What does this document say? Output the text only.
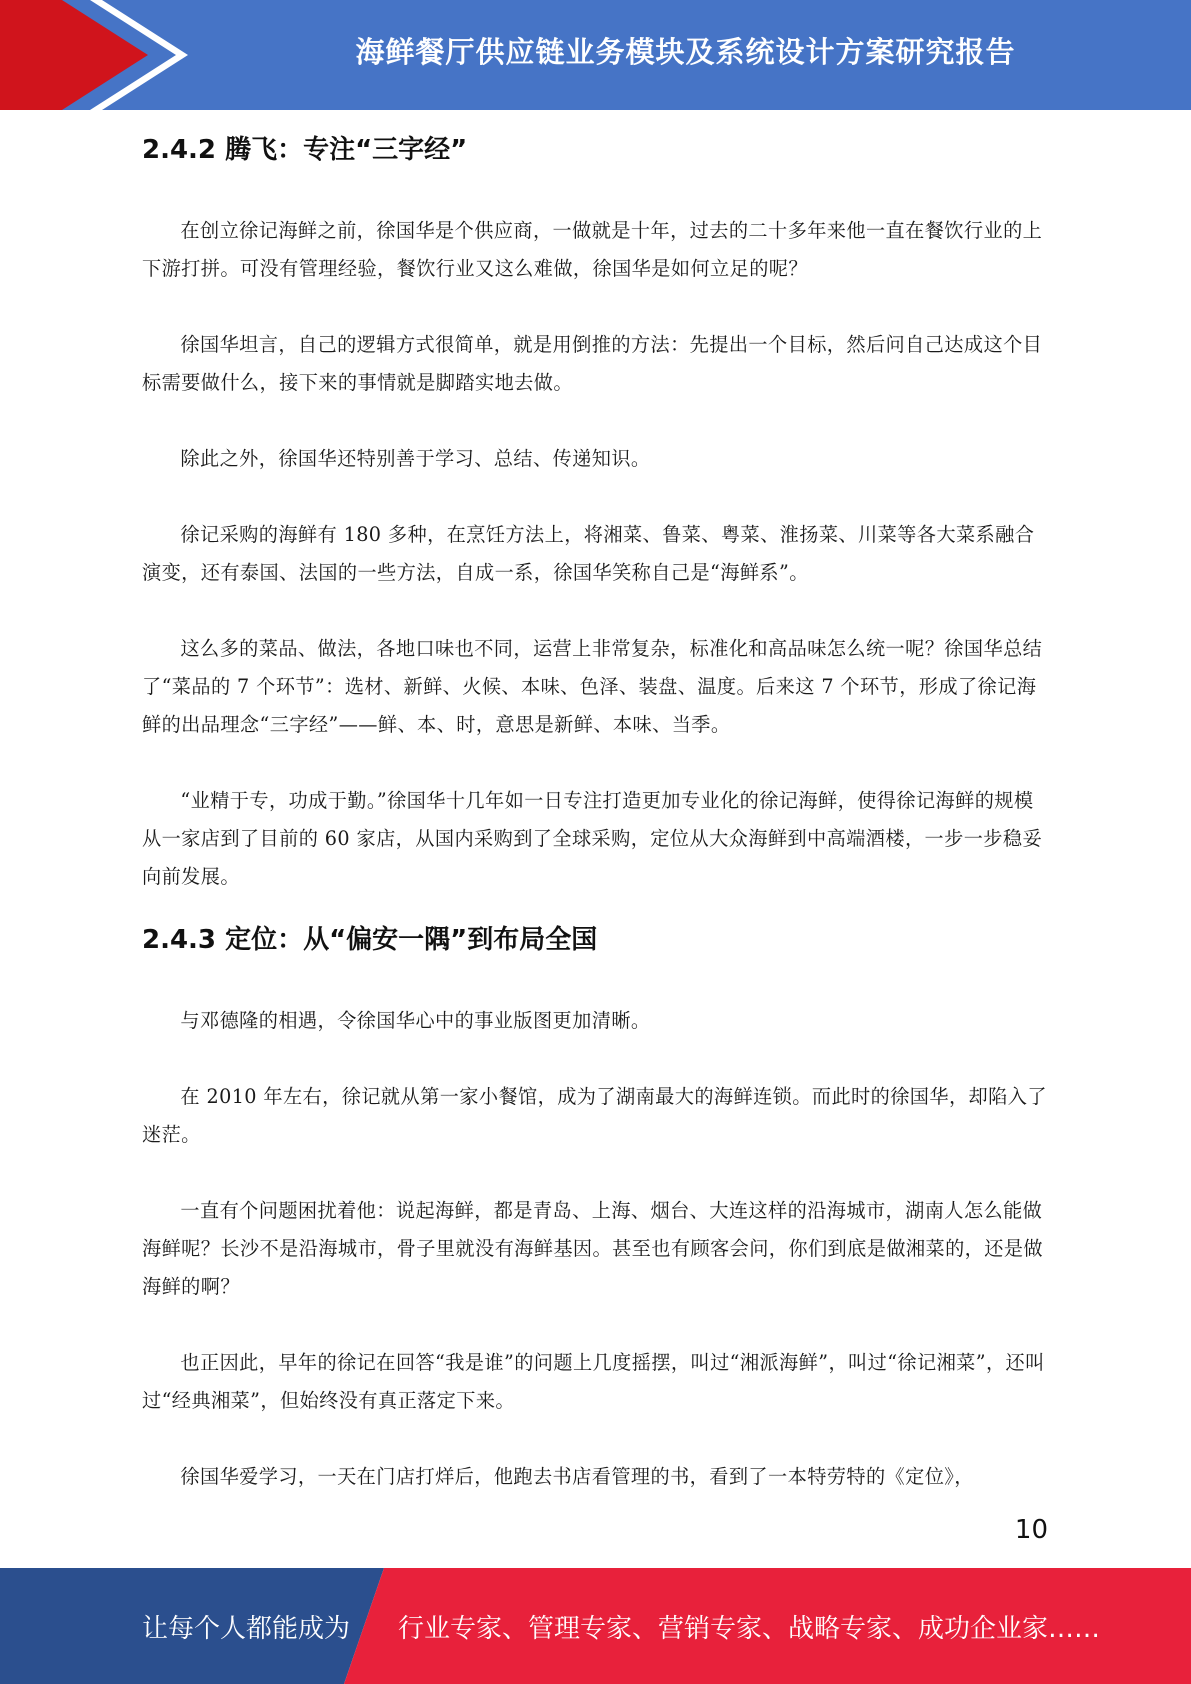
海鲜餐厅供应链业务模块及系统设计方案研究报告
2.4.2 腾飞：专注“三字经”

在创立徐记海鲜之前，徐国华是个供应商，一做就是十年，过去的二十多年来他一直在餐饮行业的上下游打拼。可没有管理经验，餐饮行业又这么难做，徐国华是如何立足的呢？

徐国华坦言，自己的逻辑方式很简单，就是用倒推的方法：先提出一个目标，然后问自己达成这个目标需要做什么，接下来的事情就是脚踏实地去做。

除此之外，徐国华还特别善于学习、总结、传递知识。

徐记采购的海鲜有 180 多种，在烹饪方法上，将湘菜、鲁菜、粤菜、淮扬菜、川菜等各大菜系融合演变，还有泰国、法国的一些方法，自成一系，徐国华笑称自己是“海鲜系”。

这么多的菜品、做法，各地口味也不同，运营上非常复杂，标准化和高品味怎么统一呢？徐国华总结了“菜品的 7 个环节”：选材、新鲜、火候、本味、色泽、装盘、温度。后来这 7 个环节，形成了徐记海鲜的出品理念“三字经”——鲜、本、时，意思是新鲜、本味、当季。

“业精于专，功成于勤。”徐国华十几年如一日专注打造更加专业化的徐记海鲜，使得徐记海鲜的规模从一家店到了目前的 60 家店，从国内采购到了全球采购，定位从大众海鲜到中高端酒楼，一步一步稳妥向前发展。

2.4.3 定位：从“偏安一隅”到布局全国

与邓德隆的相遇，令徐国华心中的事业版图更加清晰。

在 2010 年左右，徐记就从第一家小餐馆，成为了湖南最大的海鲜连锁。而此时的徐国华，却陷入了迷茫。

一直有个问题困扰着他：说起海鲜，都是青岛、上海、烟台、大连这样的沿海城市，湖南人怎么能做海鲜呢？长沙不是沿海城市，骨子里就没有海鲜基因。甚至也有顾客会问，你们到底是做湘菜的，还是做海鲜的啊？

也正因此，早年的徐记在回答“我是谁”的问题上几度摇摆，叫过“湘派海鲜”，叫过“徐记湘菜”，还叫过“经典湘菜”，但始终没有真正落定下来。

徐国华爱学习，一天在门店打烊后，他跑去书店看管理的书，看到了一本特劳特的《定位》，

10
让每个人都能成为 行业专家、管理专家、营销专家、战略专家、成功企业家……
